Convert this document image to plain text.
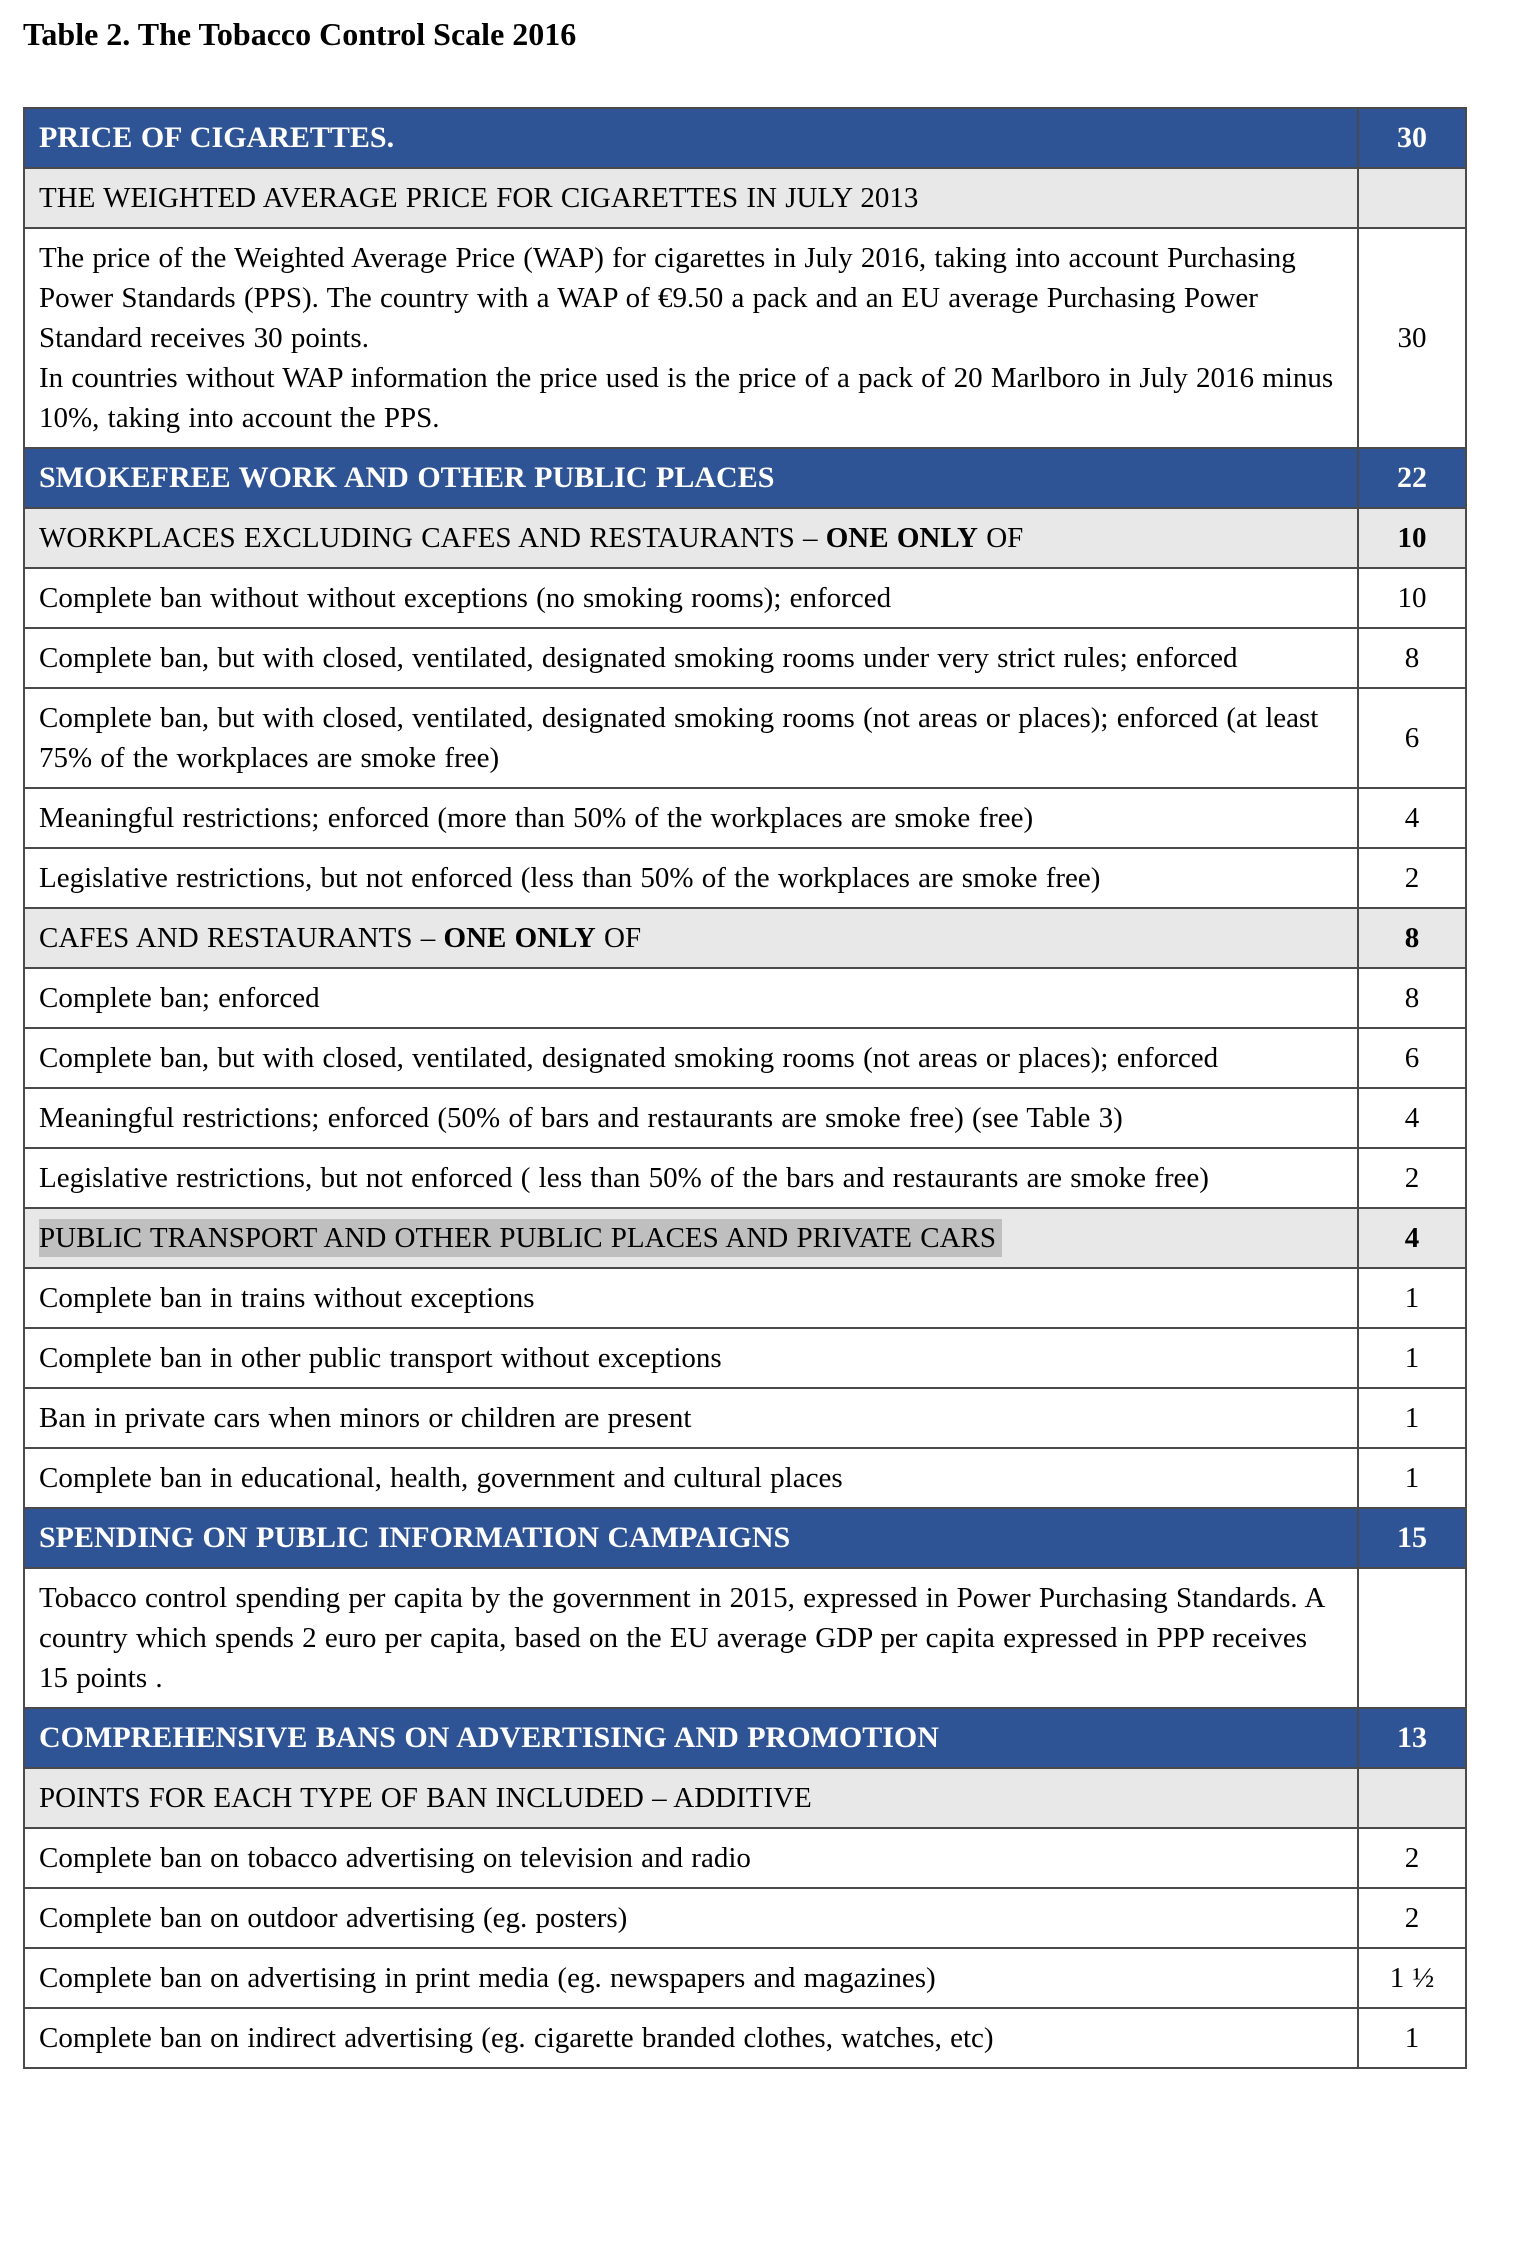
Table 2. The Tobacco Control Scale 2016
PRICE OF CIGARETTES.	30
THE WEIGHTED AVERAGE PRICE FOR CIGARETTES IN JULY 2013	

The price of the Weighted Average Price (WAP) for cigarettes in July 2016, taking into account Purchasing Power Standards (PPS). The country with a WAP of €9.50 a pack and an EU average Purchasing Power Standard receives 30 points.
In countries without WAP information the price used is the price of a pack of 20 Marlboro in July 2016 minus 10%, taking into account the PPS.	30
SMOKEFREE WORK AND OTHER PUBLIC PLACES	22
WORKPLACES EXCLUDING CAFES AND RESTAURANTS – ONE ONLY OF	10
Complete ban without without exceptions (no smoking rooms); enforced	10
Complete ban, but with closed, ventilated, designated smoking rooms under very strict rules; enforced	8
Complete ban, but with closed, ventilated, designated smoking rooms (not areas or places); enforced (at least 75% of the workplaces are smoke free)	6
Meaningful restrictions; enforced (more than 50% of the workplaces are smoke free)	4
Legislative restrictions, but not enforced (less than 50% of the workplaces are smoke free)	2
CAFES AND RESTAURANTS – ONE ONLY OF	8
Complete ban; enforced	8
Complete ban, but with closed, ventilated, designated smoking rooms (not areas or places); enforced	6
Meaningful restrictions; enforced (50% of bars and restaurants are smoke free) (see Table 3)	4
Legislative restrictions, but not enforced ( less than 50% of the bars and restaurants are smoke free)	2
PUBLIC TRANSPORT AND OTHER PUBLIC PLACES AND PRIVATE CARS	4
Complete ban in trains without exceptions	1
Complete ban in other public transport without exceptions	1
Ban in private cars when minors or children are present	1
Complete ban in educational, health, government and cultural places	1
SPENDING ON PUBLIC INFORMATION CAMPAIGNS	15

Tobacco control spending per capita by the government in 2015, expressed in Power Purchasing Standards. A country which spends 2 euro per capita, based on the EU average GDP per capita expressed in PPP receives 15 points .	

COMPREHENSIVE BANS ON ADVERTISING AND PROMOTION	13
POINTS FOR EACH TYPE OF BAN INCLUDED – ADDITIVE	
Complete ban on tobacco advertising on television and radio	2
Complete ban on outdoor advertising (eg. posters)	2
Complete ban on advertising in print media (eg. newspapers and magazines)	1 ½
Complete ban on indirect advertising (eg. cigarette branded clothes, watches, etc)	1
